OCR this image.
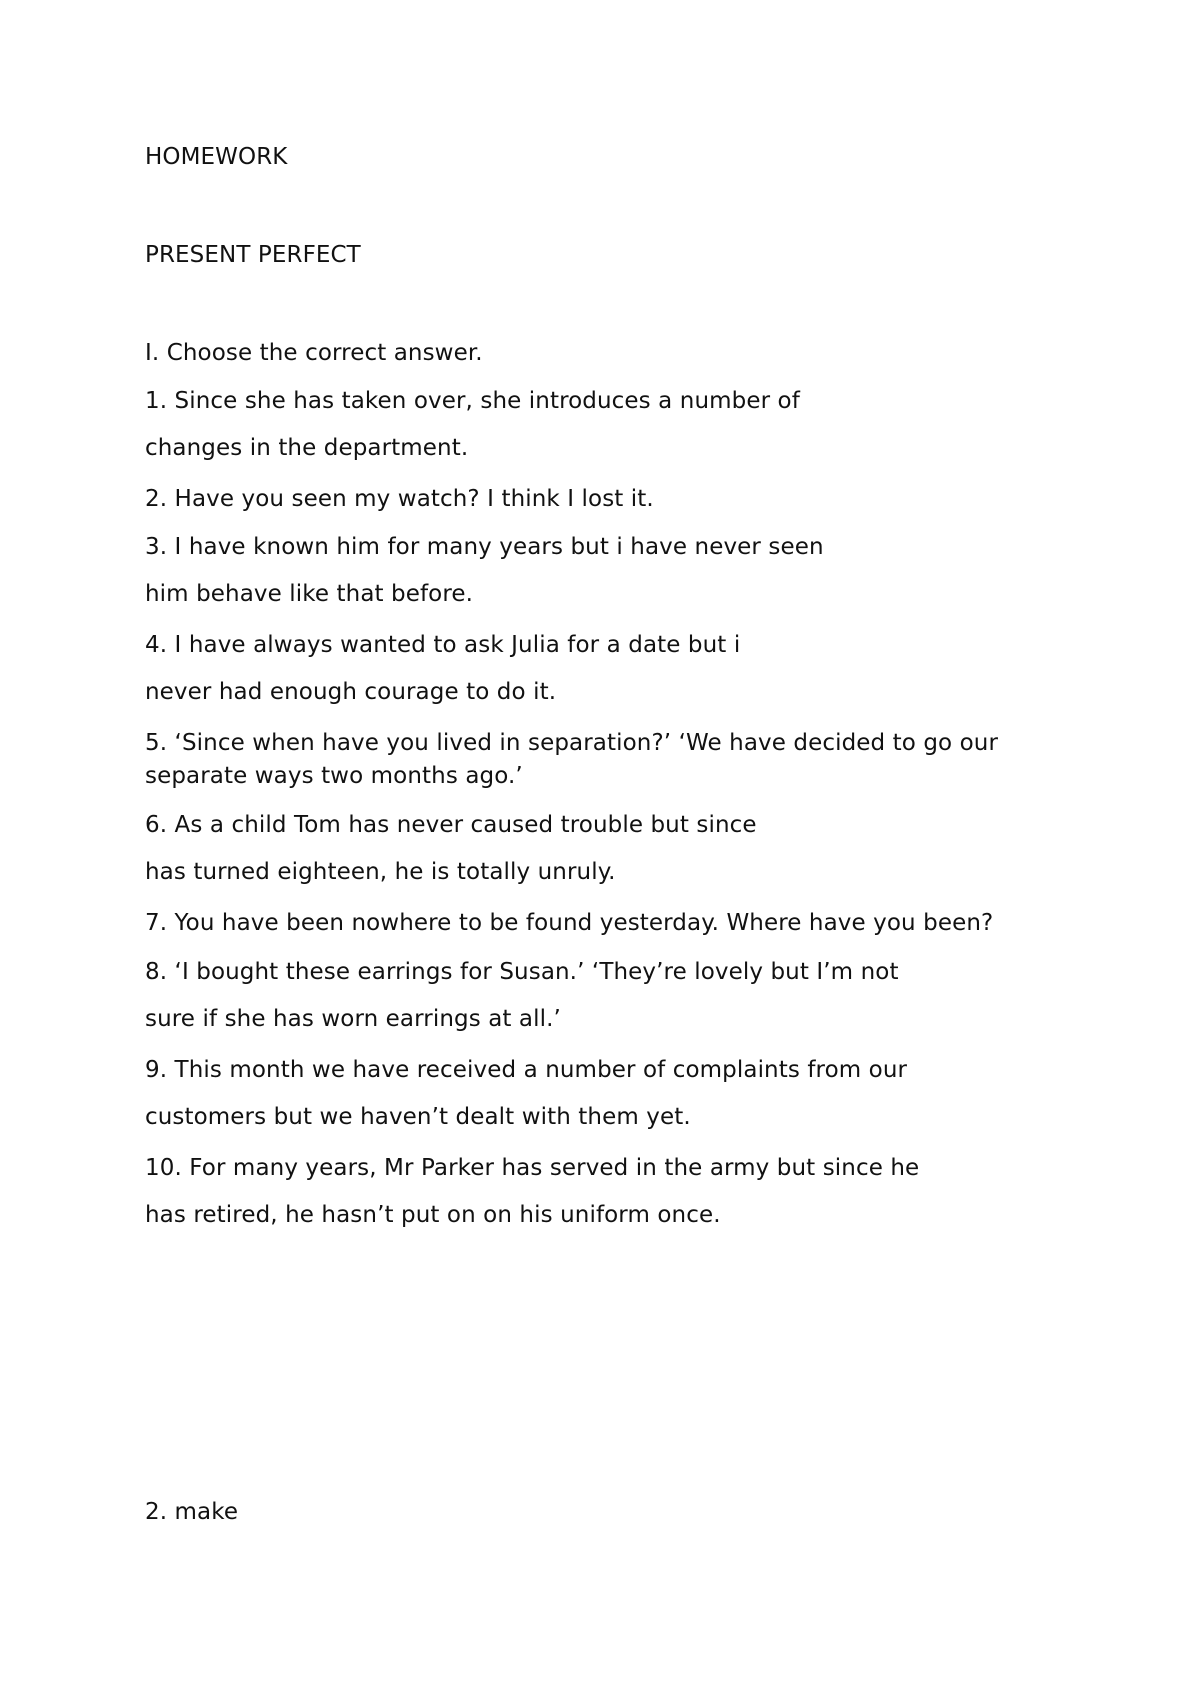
HOMEWORK
PRESENT PERFECT
I. Choose the correct answer.
1. Since she has taken over, she introduces a number of
changes in the department.
2. Have you seen my watch? I think I lost it.
3. I have known him for many years but i have never seen
him behave like that before.
4. I have always wanted to ask Julia for a date but i
never had enough courage to do it.
5. ‘Since when have you lived in separation?’ ‘We have decided to go our
separate ways two months ago.’
6. As a child Tom has never caused trouble but since
has turned eighteen, he is totally unruly.
7. You have been nowhere to be found yesterday. Where have you been?
8. ‘I bought these earrings for Susan.’ ‘They’re lovely but I’m not
sure if she has worn earrings at all.’
9. This month we have received a number of complaints from our
customers but we haven’t dealt with them yet.
10. For many years, Mr Parker has served in the army but since he
has retired, he hasn’t put on on his uniform once.
2. make
